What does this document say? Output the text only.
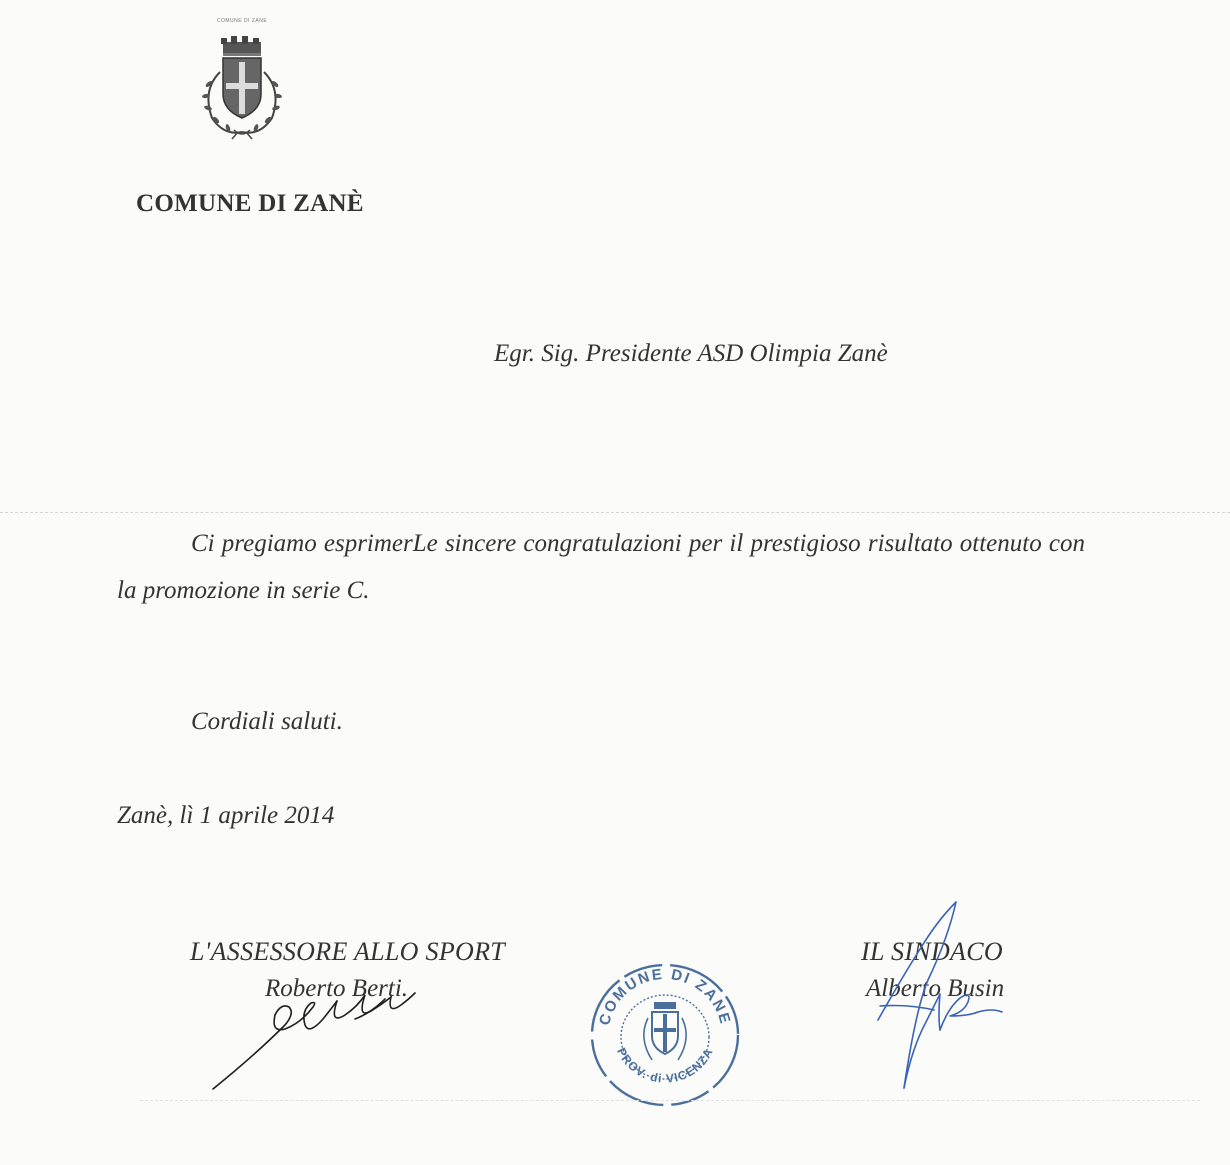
COMUNE DI ZANE
COMUNE DI ZANÈ
Egr. Sig. Presidente ASD Olimpia Zanè
Ci pregiamo esprimerLe sincere congratulazioni per il prestigioso risultato ottenuto con la promozione in serie C.
Cordiali saluti.
Zanè, lì 1 aprile 2014
L'ASSESSORE ALLO SPORT
Roberto Berti.
COMUNE DI ZANE
PROV. di VICENZA
IL SINDACO
Alberto Busin
